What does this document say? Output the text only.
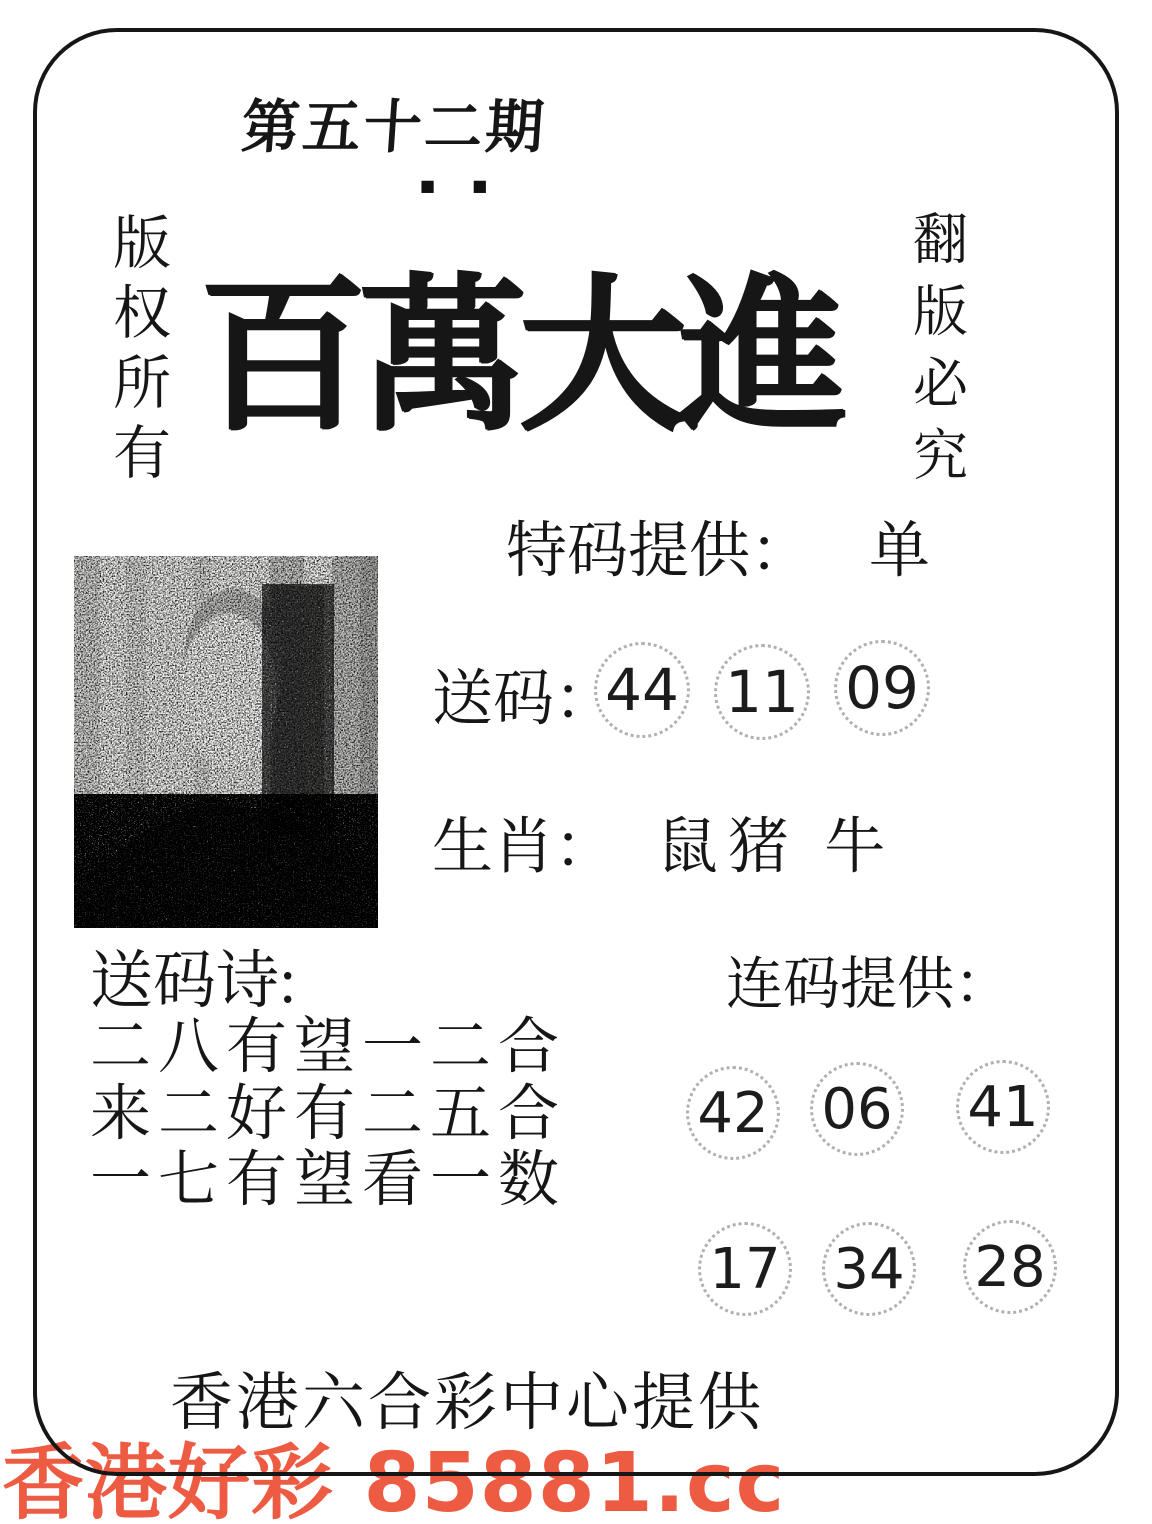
香港好彩 85881.cc
第五十二期
■ ■
版权所有	翻版必究
百萬大進
特码提供： 单
送码：
44 11 09
生肖： 鼠猪 牛
送码诗:
二八有望一二合
来二好有二五合
一七有望看一数
连码提供：
42 06 41
17 34 28
香港六合彩中心提供
